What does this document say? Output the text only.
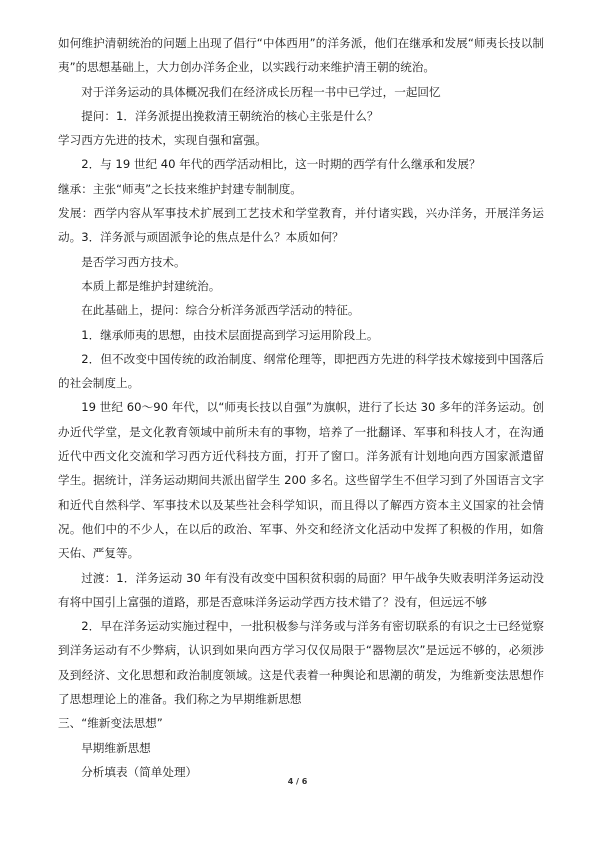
如何维护清朝统治的问题上出现了倡行“中体西用”的洋务派，他们在继承和发展“师夷长技以制夷”的思想基础上，大力创办洋务企业，以实践行动来维护清王朝的统治。

对于洋务运动的具体概况我们在经济成长历程一书中已学过，一起回忆

提问：1．洋务派提出挽救清王朝统治的核心主张是什么？

学习西方先进的技术，实现自强和富强。

2．与 19 世纪 40 年代的西学活动相比，这一时期的西学有什么继承和发展？

继承：主张“师夷”之长技来维护封建专制制度。

发展：西学内容从军事技术扩展到工艺技术和学堂教育，并付诸实践，兴办洋务，开展洋务运动。3．洋务派与顽固派争论的焦点是什么？本质如何？

是否学习西方技术。

本质上都是维护封建统治。

在此基础上，提问：综合分析洋务派西学活动的特征。

1．继承师夷的思想，由技术层面提高到学习运用阶段上。

2．但不改变中国传统的政治制度、纲常伦理等，即把西方先进的科学技术嫁接到中国落后的社会制度上。

19 世纪 60～90 年代，以“师夷长技以自强”为旗帜，进行了长达 30 多年的洋务运动。创办近代学堂，是文化教育领域中前所未有的事物，培养了一批翻译、军事和科技人才，在沟通近代中西文化交流和学习西方近代科技方面，打开了窗口。洋务派有计划地向西方国家派遣留学生。据统计，洋务运动期间共派出留学生 200 多名。这些留学生不但学习到了外国语言文字和近代自然科学、军事技术以及某些社会科学知识，而且得以了解西方资本主义国家的社会情况。他们中的不少人，在以后的政治、军事、外交和经济文化活动中发挥了积极的作用，如詹天佑、严复等。

过渡：1．洋务运动 30 年有没有改变中国积贫积弱的局面？甲午战争失败表明洋务运动没有将中国引上富强的道路，那是否意味洋务运动学西方技术错了？没有，但远远不够

2．早在洋务运动实施过程中，一批积极参与洋务或与洋务有密切联系的有识之士已经觉察到洋务运动有不少弊病，认识到如果向西方学习仅仅局限于“器物层次”是远远不够的，必须涉及到经济、文化思想和政治制度领域。这是代表着一种舆论和思潮的萌发，为维新变法思想作了思想理论上的准备。我们称之为早期维新思想

三、“维新变法思想”

早期维新思想

分析填表（简单处理）

4 / 6
